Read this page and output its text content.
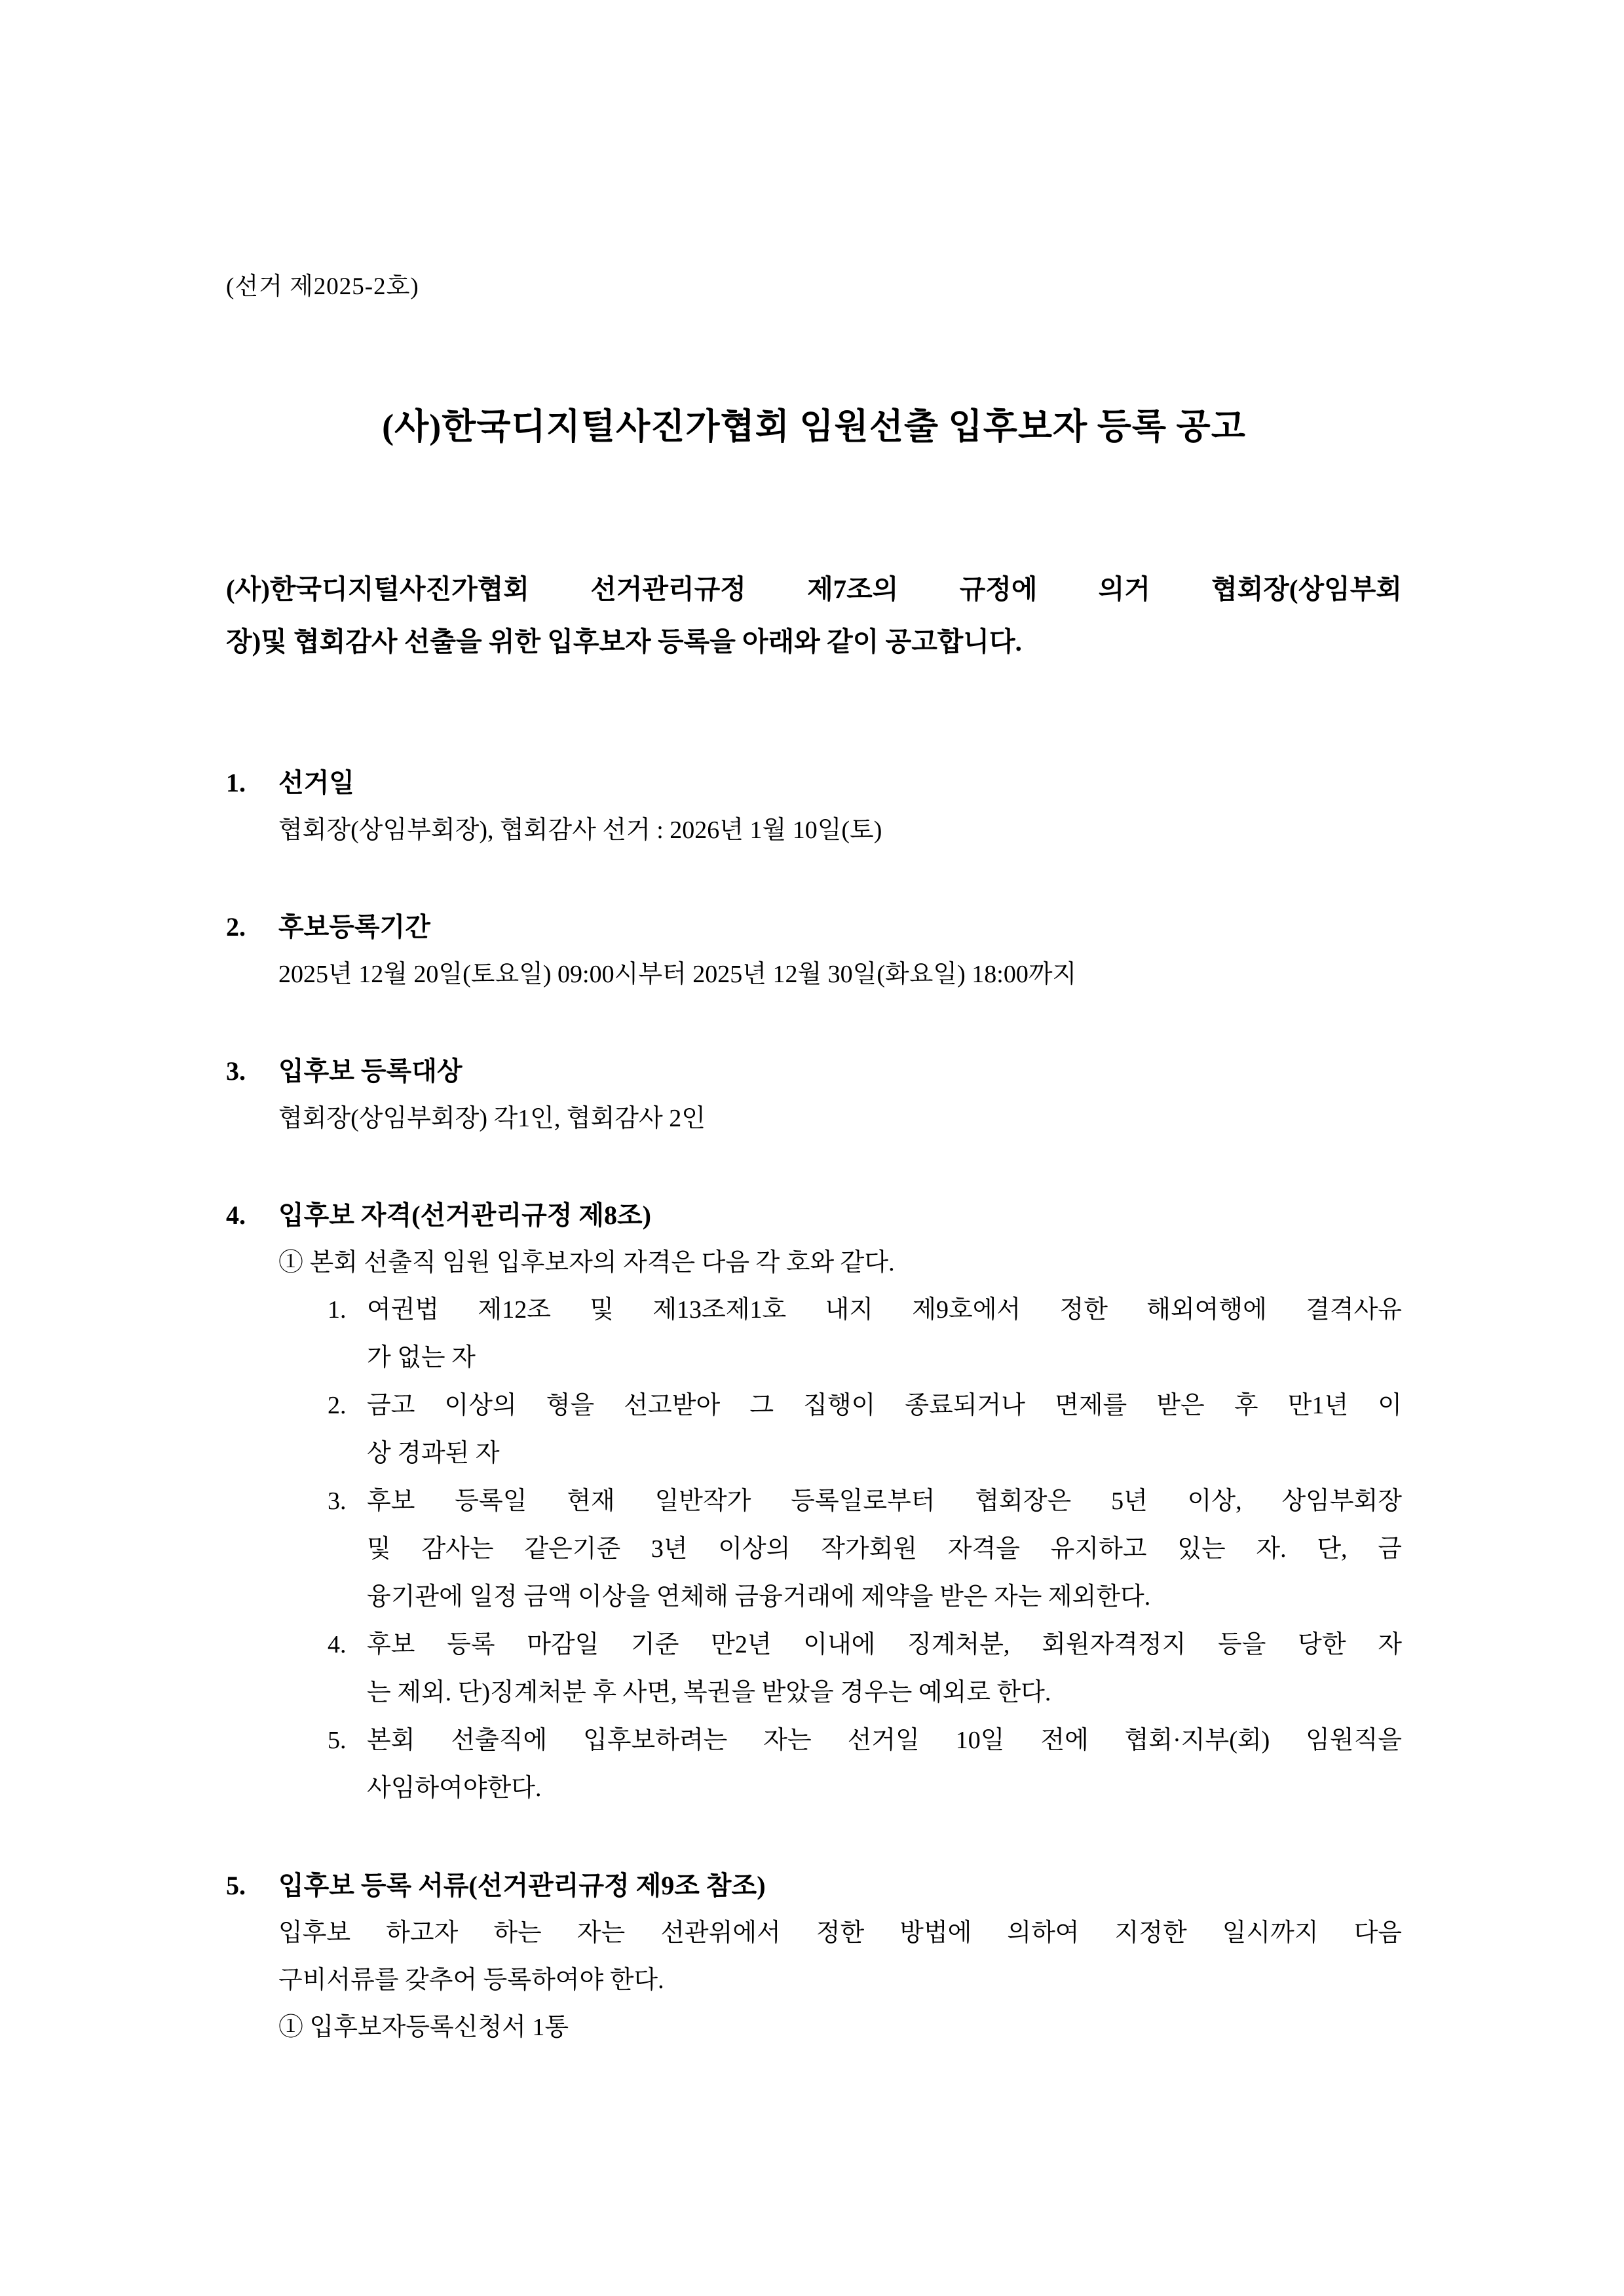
(선거 제2025-2호)
(사)한국디지털사진가협회 임원선출 입후보자 등록 공고
(사)한국디지털사진가협회 선거관리규정 제7조의 규정에 의거 협회장(상임부회
장)및 협회감사 선출을 위한 입후보자 등록을 아래와 같이 공고합니다.
1.	선거일
협회장(상임부회장), 협회감사 선거 : 2026년 1월 10일(토)
2.	후보등록기간
2025년 12월 20일(토요일) 09:00시부터 2025년 12월 30일(화요일) 18:00까지
3.	입후보 등록대상
협회장(상임부회장) 각1인, 협회감사 2인
4.	입후보 자격(선거관리규정 제8조)
① 본회 선출직 임원 입후보자의 자격은 다음 각 호와 같다.
1. 여권법 제12조 및 제13조제1호 내지 제9호에서 정한 해외여행에 결격사유
가 없는 자
2. 금고 이상의 형을 선고받아 그 집행이 종료되거나 면제를 받은 후 만1년 이
상 경과된 자
3. 후보 등록일 현재 일반작가 등록일로부터 협회장은 5년 이상, 상임부회장
및 감사는 같은기준 3년 이상의 작가회원 자격을 유지하고 있는 자. 단, 금
융기관에 일정 금액 이상을 연체해 금융거래에 제약을 받은 자는 제외한다.
4. 후보 등록 마감일 기준 만2년 이내에 징계처분, 회원자격정지 등을 당한 자
는 제외. 단)징계처분 후 사면, 복권을 받았을 경우는 예외로 한다.
5. 본회 선출직에 입후보하려는 자는 선거일 10일 전에 협회·지부(회) 임원직을
사임하여야한다.
5.	입후보 등록 서류(선거관리규정 제9조 참조)
입후보 하고자 하는 자는 선관위에서 정한 방법에 의하여 지정한 일시까지 다음
구비서류를 갖추어 등록하여야 한다.
① 입후보자등록신청서 1통
